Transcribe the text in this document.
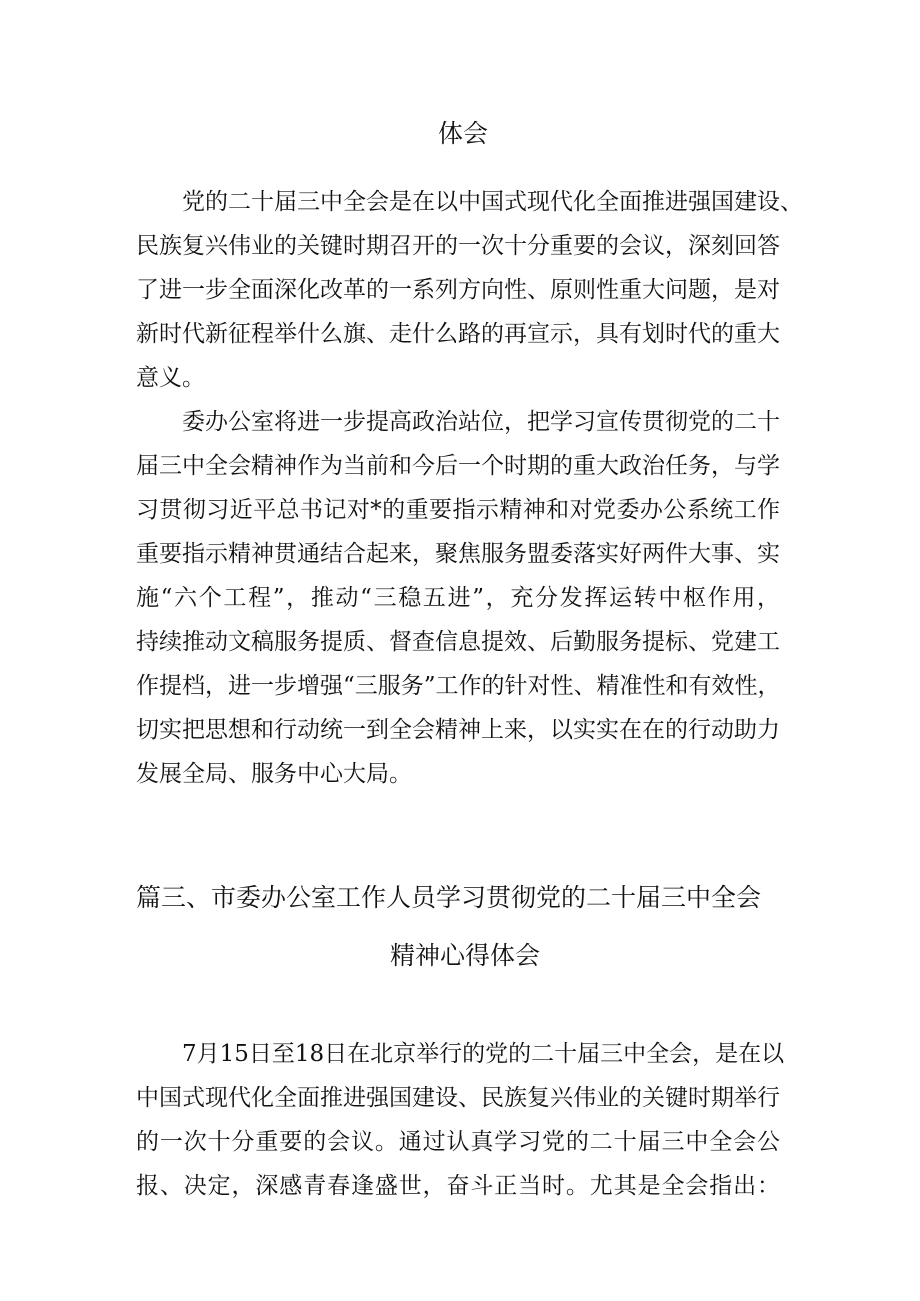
体会
党的二十届三中全会是在以中国式现代化全面推进强国建设、
民族复兴伟业的关键时期召开的一次十分重要的会议，深刻回答
了进一步全面深化改革的一系列方向性、原则性重大问题，是对
新时代新征程举什么旗、走什么路的再宣示，具有划时代的重大
意义。
委办公室将进一步提高政治站位，把学习宣传贯彻党的二十
届三中全会精神作为当前和今后一个时期的重大政治任务，与学
习贯彻习近平总书记对*的重要指示精神和对党委办公系统工作
重要指示精神贯通结合起来，聚焦服务盟委落实好两件大事、实
施“六个工程”，推动“三稳五进”，充分发挥运转中枢作用，
持续推动文稿服务提质、督查信息提效、后勤服务提标、党建工
作提档，进一步增强“三服务”工作的针对性、精准性和有效性，
切实把思想和行动统一到全会精神上来，以实实在在的行动助力
发展全局、服务中心大局。
篇三、市委办公室工作人员学习贯彻党的二十届三中全会
精神心得体会
7月15日至18日在北京举行的党的二十届三中全会，是在以
中国式现代化全面推进强国建设、民族复兴伟业的关键时期举行
的一次十分重要的会议。通过认真学习党的二十届三中全会公
报、决定，深感青春逢盛世，奋斗正当时。尤其是全会指出：
